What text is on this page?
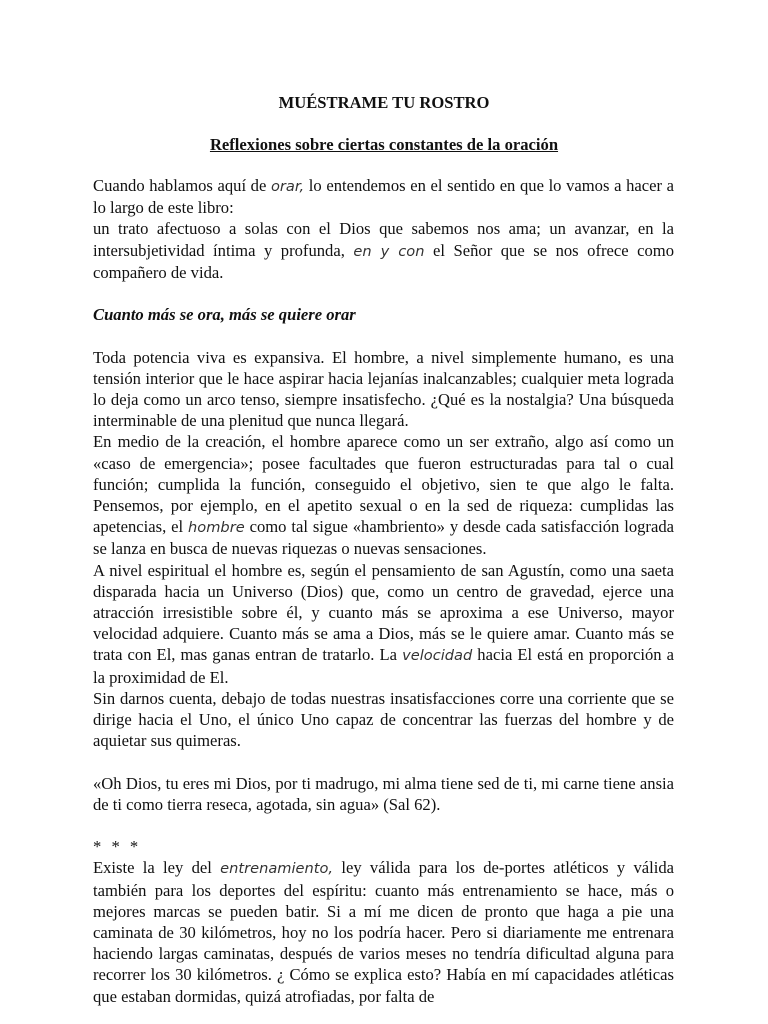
MUÉSTRAME TU ROSTRO
Reflexiones sobre ciertas constantes de la oración

Cuando hablamos aquí de orar, lo entendemos en el sentido en que lo vamos a hacer a lo largo de este libro:

un trato afectuoso a solas con el Dios que sabemos nos ama; un avanzar, en la intersubjetividad íntima y profunda, en y con el Señor que se nos ofrece como compañero de vida.

Cuanto más se ora, más se quiere orar

Toda potencia viva es expansiva. El hombre, a nivel simplemente humano, es una tensión interior que le hace aspirar hacia lejanías inalcanzables; cualquier meta lograda lo deja como un arco tenso, siempre insatisfecho. ¿Qué es la nostalgia? Una búsqueda interminable de una plenitud que nunca llegará.

En medio de la creación, el hombre aparece como un ser extraño, algo así como un «caso de emergencia»; posee facultades que fueron estructuradas para tal o cual función; cumplida la función, conseguido el objetivo, sien te que algo le falta. Pensemos, por ejemplo, en el apetito sexual o en la sed de riqueza: cumplidas las apetencias, el hombre como tal sigue «hambriento» y desde cada satisfacción lograda se lanza en busca de nuevas riquezas o nuevas sensaciones.

A nivel espiritual el hombre es, según el pensamiento de san Agustín, como una saeta disparada hacia un Universo (Dios) que, como un centro de gravedad, ejerce una atracción irresistible sobre él, y cuanto más se aproxima a ese Universo, mayor velocidad adquiere. Cuanto más se ama a Dios, más se le quiere amar. Cuanto más se trata con El, mas ganas entran de tratarlo. La velocidad hacia El está en proporción a la proximidad de El.

Sin darnos cuenta, debajo de todas nuestras insatisfacciones corre una corriente que se dirige hacia el Uno, el único Uno capaz de concentrar las fuerzas del hombre y de aquietar sus quimeras.

«Oh Dios, tu eres mi Dios, por ti madrugo, mi alma tiene sed de ti, mi carne tiene ansia de ti como tierra reseca, agotada, sin agua» (Sal 62).

* * *

Existe la ley del entrenamiento, ley válida para los de-portes atléticos y válida también para los deportes del espíritu: cuanto más entrenamiento se hace, más o mejores marcas se pueden batir. Si a mí me dicen de pronto que haga a pie una caminata de 30 kilómetros, hoy no los podría hacer. Pero si diariamente me entrenara haciendo largas caminatas, después de varios meses no tendría dificultad alguna para recorrer los 30 kilómetros. ¿ Cómo se explica esto? Había en mí capacidades atléticas que estaban dormidas, quizá atrofiadas, por falta de
